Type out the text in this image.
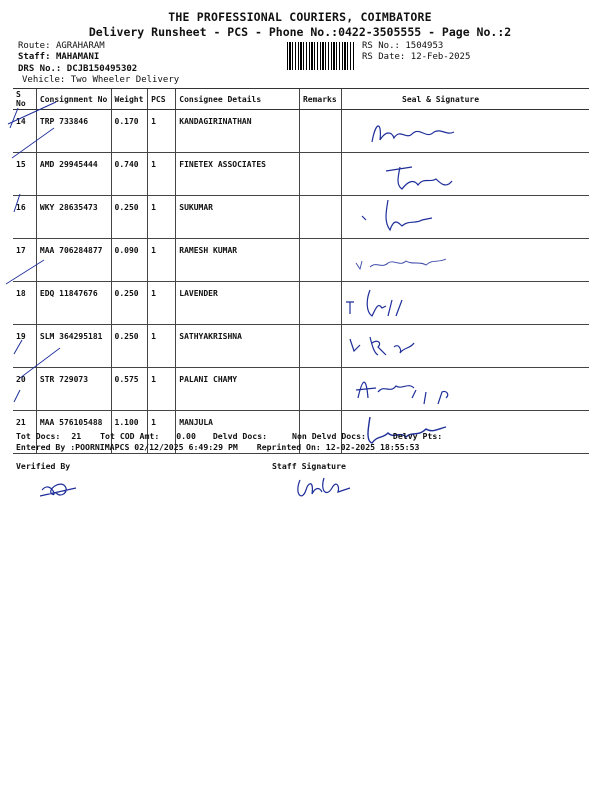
THE PROFESSIONAL COURIERS, COIMBATORE
Delivery Runsheet - PCS - Phone No.:0422-3505555 - Page No.:2
Route: AGRAHARAM
Staff: MAHAMANI
DRS No.: DCJB150495302
Vehicle: Two Wheeler Delivery
RS No.: 1504953
RS Date: 12-Feb-2025
S No	Consignment No	Weight	PCS	Consignee Details	Remarks	Seal & Signature
14	TRP 733846	0.170	1	KANDAGIRINATHAN		
15	AMD 29945444	0.740	1	FINETEX ASSOCIATES		
16	WKY 28635473	0.250	1	SUKUMAR		
17	MAA 706284877	0.090	1	RAMESH KUMAR		
18	EDQ 11847676	0.250	1	LAVENDER		
19	SLM 364295181	0.250	1	SATHYAKRISHNA		
20	STR 729073	0.575	1	PALANI CHAMY		
21	MAA 576105488	1.100	1	MANJULA		
Tot Docs: 21 Tot COD Amt: 0.00 Delvd Docs:	Non Delvd Docs:	Delvy Pts:
Entered By :POORNIMAPCS 02/12/2025 6:49:29 PM Reprinted On: 12-02-2025 18:55:53
Verified By	Staff Signature
